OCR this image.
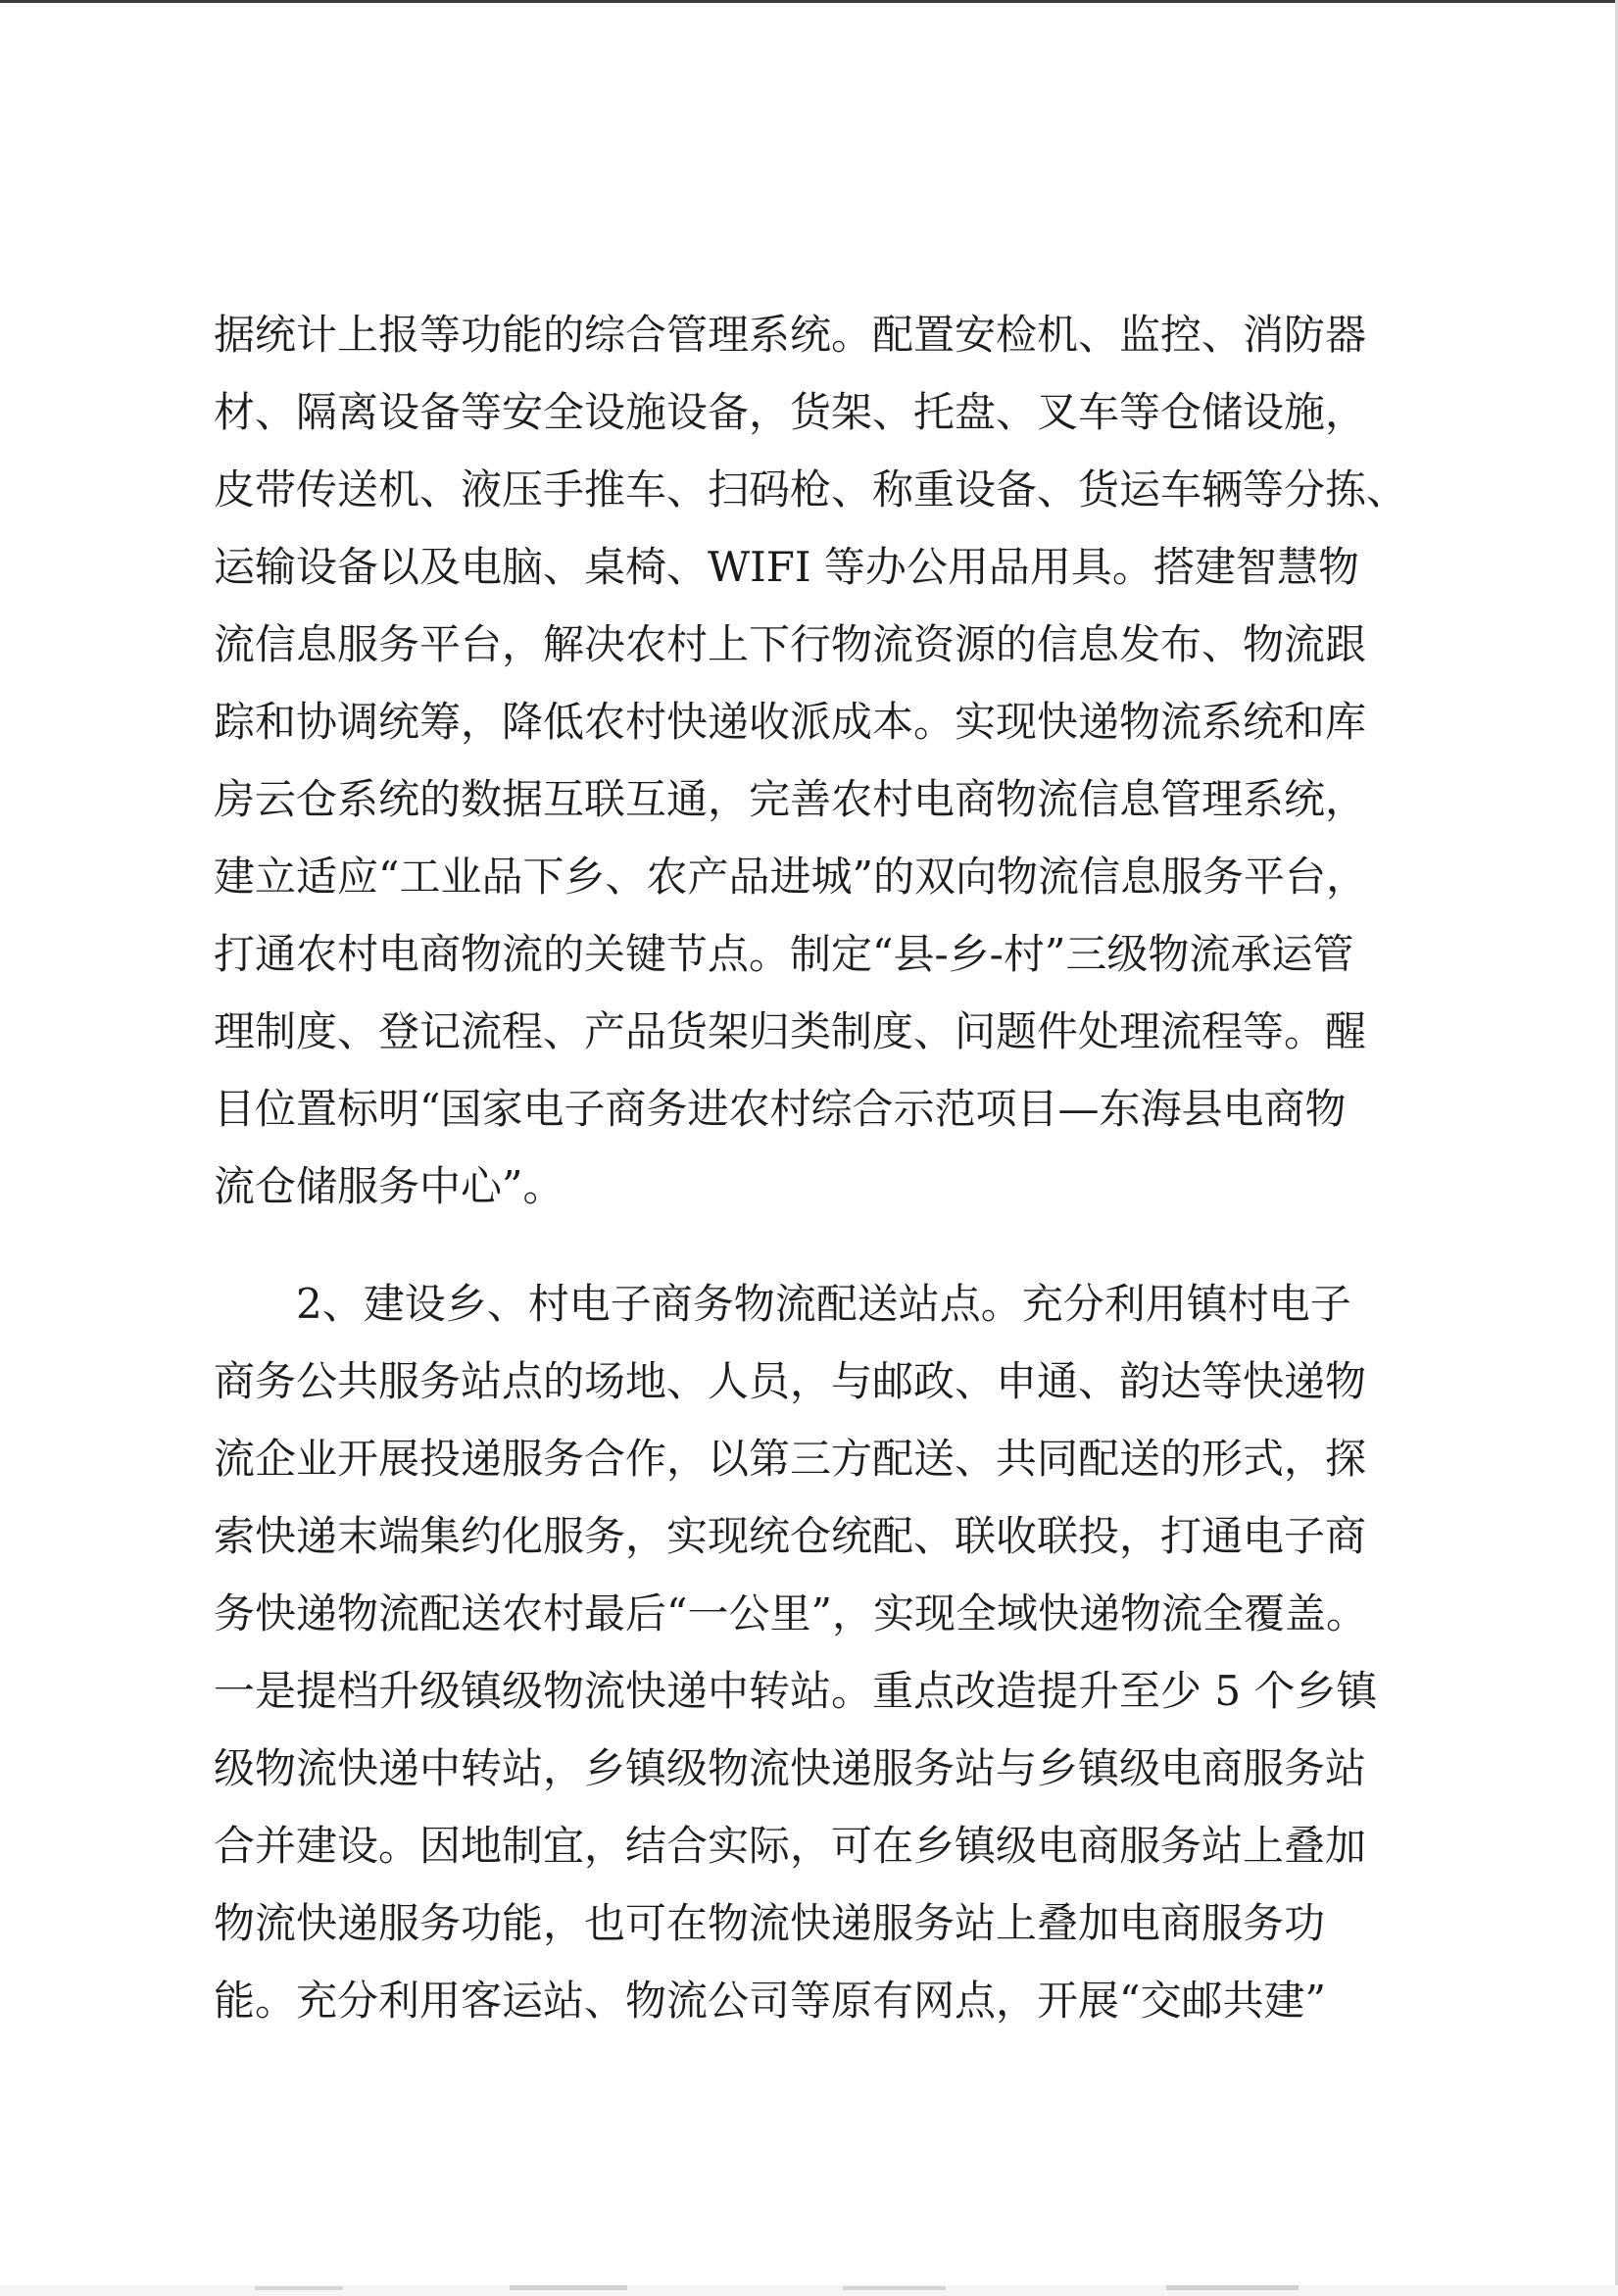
据统计上报等功能的综合管理系统。配置安检机、监控、消防器

材、隔离设备等安全设施设备，货架、托盘、叉车等仓储设施，

皮带传送机、液压手推车、扫码枪、称重设备、货运车辆等分拣、

运输设备以及电脑、桌椅、WIFI 等办公用品用具。搭建智慧物

流信息服务平台，解决农村上下行物流资源的信息发布、物流跟

踪和协调统筹，降低农村快递收派成本。实现快递物流系统和库

房云仓系统的数据互联互通，完善农村电商物流信息管理系统，

建立适应“工业品下乡、农产品进城”的双向物流信息服务平台，

打通农村电商物流的关键节点。制定“县-乡-村”三级物流承运管

理制度、登记流程、产品货架归类制度、问题件处理流程等。醒

目位置标明“国家电子商务进农村综合示范项目—东海县电商物

流仓储服务中心”。

2、建设乡、村电子商务物流配送站点。充分利用镇村电子

商务公共服务站点的场地、人员，与邮政、申通、韵达等快递物

流企业开展投递服务合作，以第三方配送、共同配送的形式，探

索快递末端集约化服务，实现统仓统配、联收联投，打通电子商

务快递物流配送农村最后“一公里”，实现全域快递物流全覆盖。

一是提档升级镇级物流快递中转站。重点改造提升至少 5 个乡镇

级物流快递中转站，乡镇级物流快递服务站与乡镇级电商服务站

合并建设。因地制宜，结合实际，可在乡镇级电商服务站上叠加

物流快递服务功能，也可在物流快递服务站上叠加电商服务功

能。充分利用客运站、物流公司等原有网点，开展“交邮共建”
